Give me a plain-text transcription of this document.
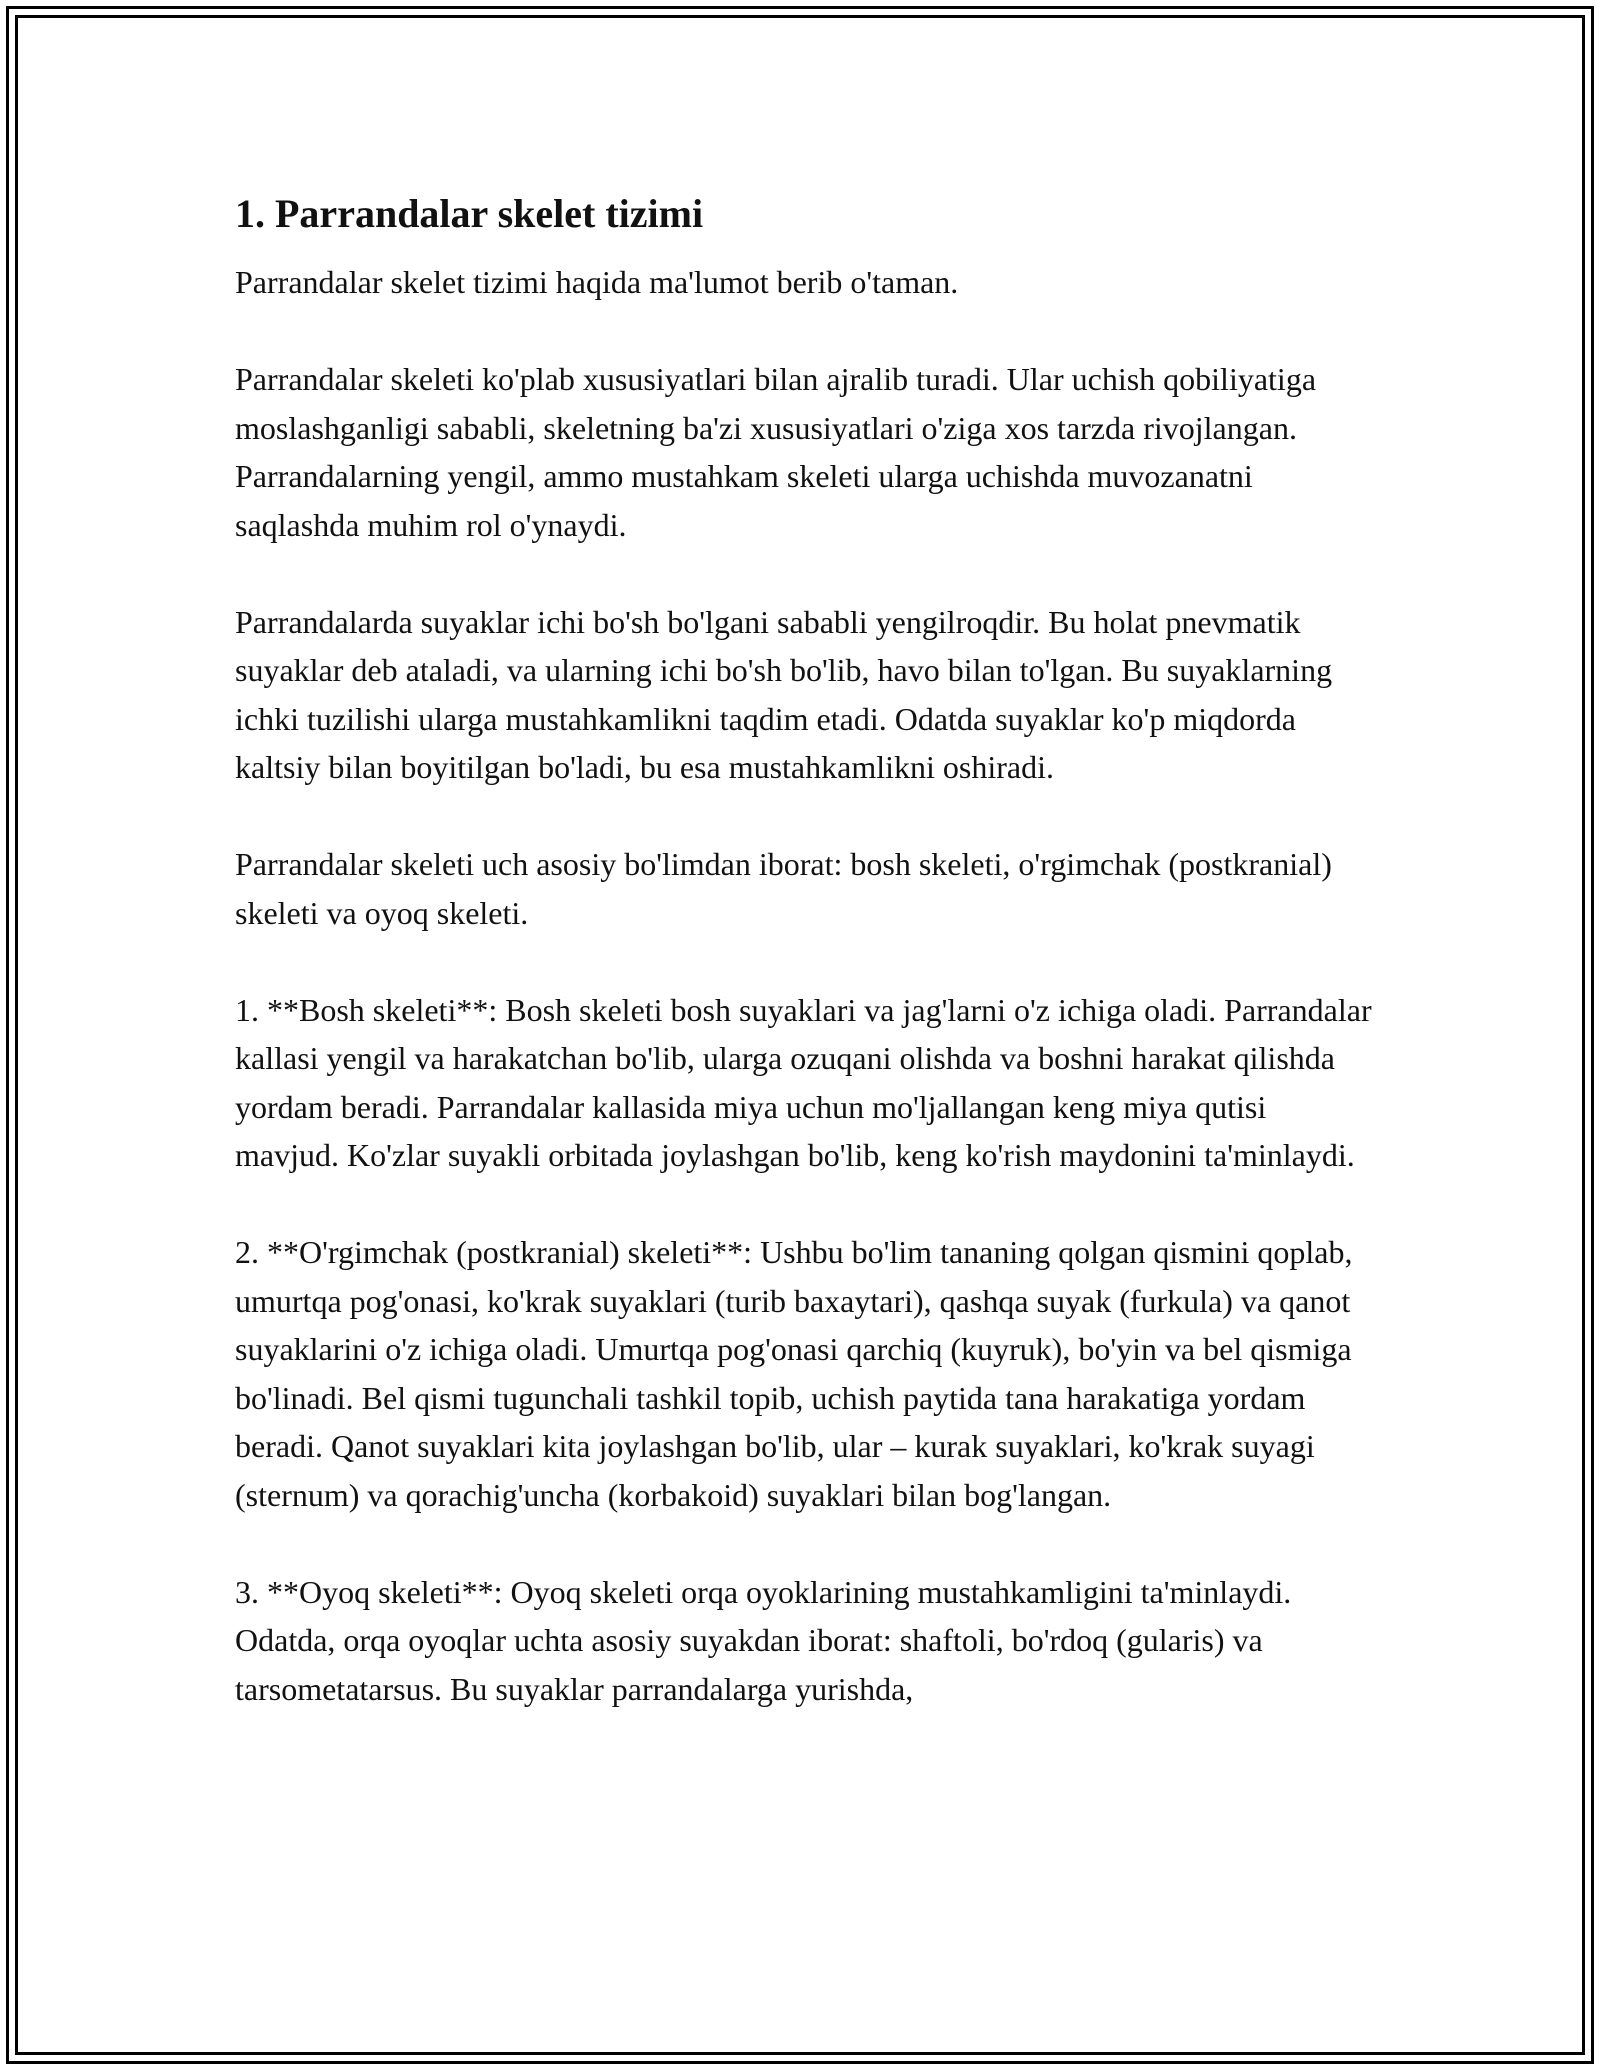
1. Parrandalar skelet tizimi

Parrandalar skelet tizimi haqida ma'lumot berib o'taman.

Parrandalar skeleti ko'plab xususiyatlari bilan ajralib turadi. Ular uchish qobiliyatiga moslashganligi sababli, skeletning ba'zi xususiyatlari o'ziga xos tarzda rivojlangan. Parrandalarning yengil, ammo mustahkam skeleti ularga uchishda muvozanatni saqlashda muhim rol o'ynaydi.

Parrandalarda suyaklar ichi bo'sh bo'lgani sababli yengilroqdir. Bu holat pnevmatik suyaklar deb ataladi, va ularning ichi bo'sh bo'lib, havo bilan to'lgan. Bu suyaklarning ichki tuzilishi ularga mustahkamlikni taqdim etadi. Odatda suyaklar ko'p miqdorda kaltsiy bilan boyitilgan bo'ladi, bu esa mustahkamlikni oshiradi.

Parrandalar skeleti uch asosiy bo'limdan iborat: bosh skeleti, o'rgimchak (postkranial) skeleti va oyoq skeleti.

1. **Bosh skeleti**: Bosh skeleti bosh suyaklari va jag'larni o'z ichiga oladi. Parrandalar kallasi yengil va harakatchan bo'lib, ularga ozuqani olishda va boshni harakat qilishda yordam beradi. Parrandalar kallasida miya uchun mo'ljallangan keng miya qutisi mavjud. Ko'zlar suyakli orbitada joylashgan bo'lib, keng ko'rish maydonini ta'minlaydi.

2. **O'rgimchak (postkranial) skeleti**: Ushbu bo'lim tananing qolgan qismini qoplab, umurtqa pog'onasi, ko'krak suyaklari (turib baxaytari), qashqa suyak (furkula) va qanot suyaklarini o'z ichiga oladi. Umurtqa pog'onasi qarchiq (kuyruk), bo'yin va bel qismiga bo'linadi. Bel qismi tugunchali tashkil topib, uchish paytida tana harakatiga yordam beradi. Qanot suyaklari kita joylashgan bo'lib, ular – kurak suyaklari, ko'krak suyagi (sternum) va qorachig'uncha (korbakoid) suyaklari bilan bog'langan.

3. **Oyoq skeleti**: Oyoq skeleti orqa oyoklarining mustahkamligini ta'minlaydi. Odatda, orqa oyoqlar uchta asosiy suyakdan iborat: shaftoli, bo'rdoq (gularis) va tarsometatarsus. Bu suyaklar parrandalarga yurishda,
